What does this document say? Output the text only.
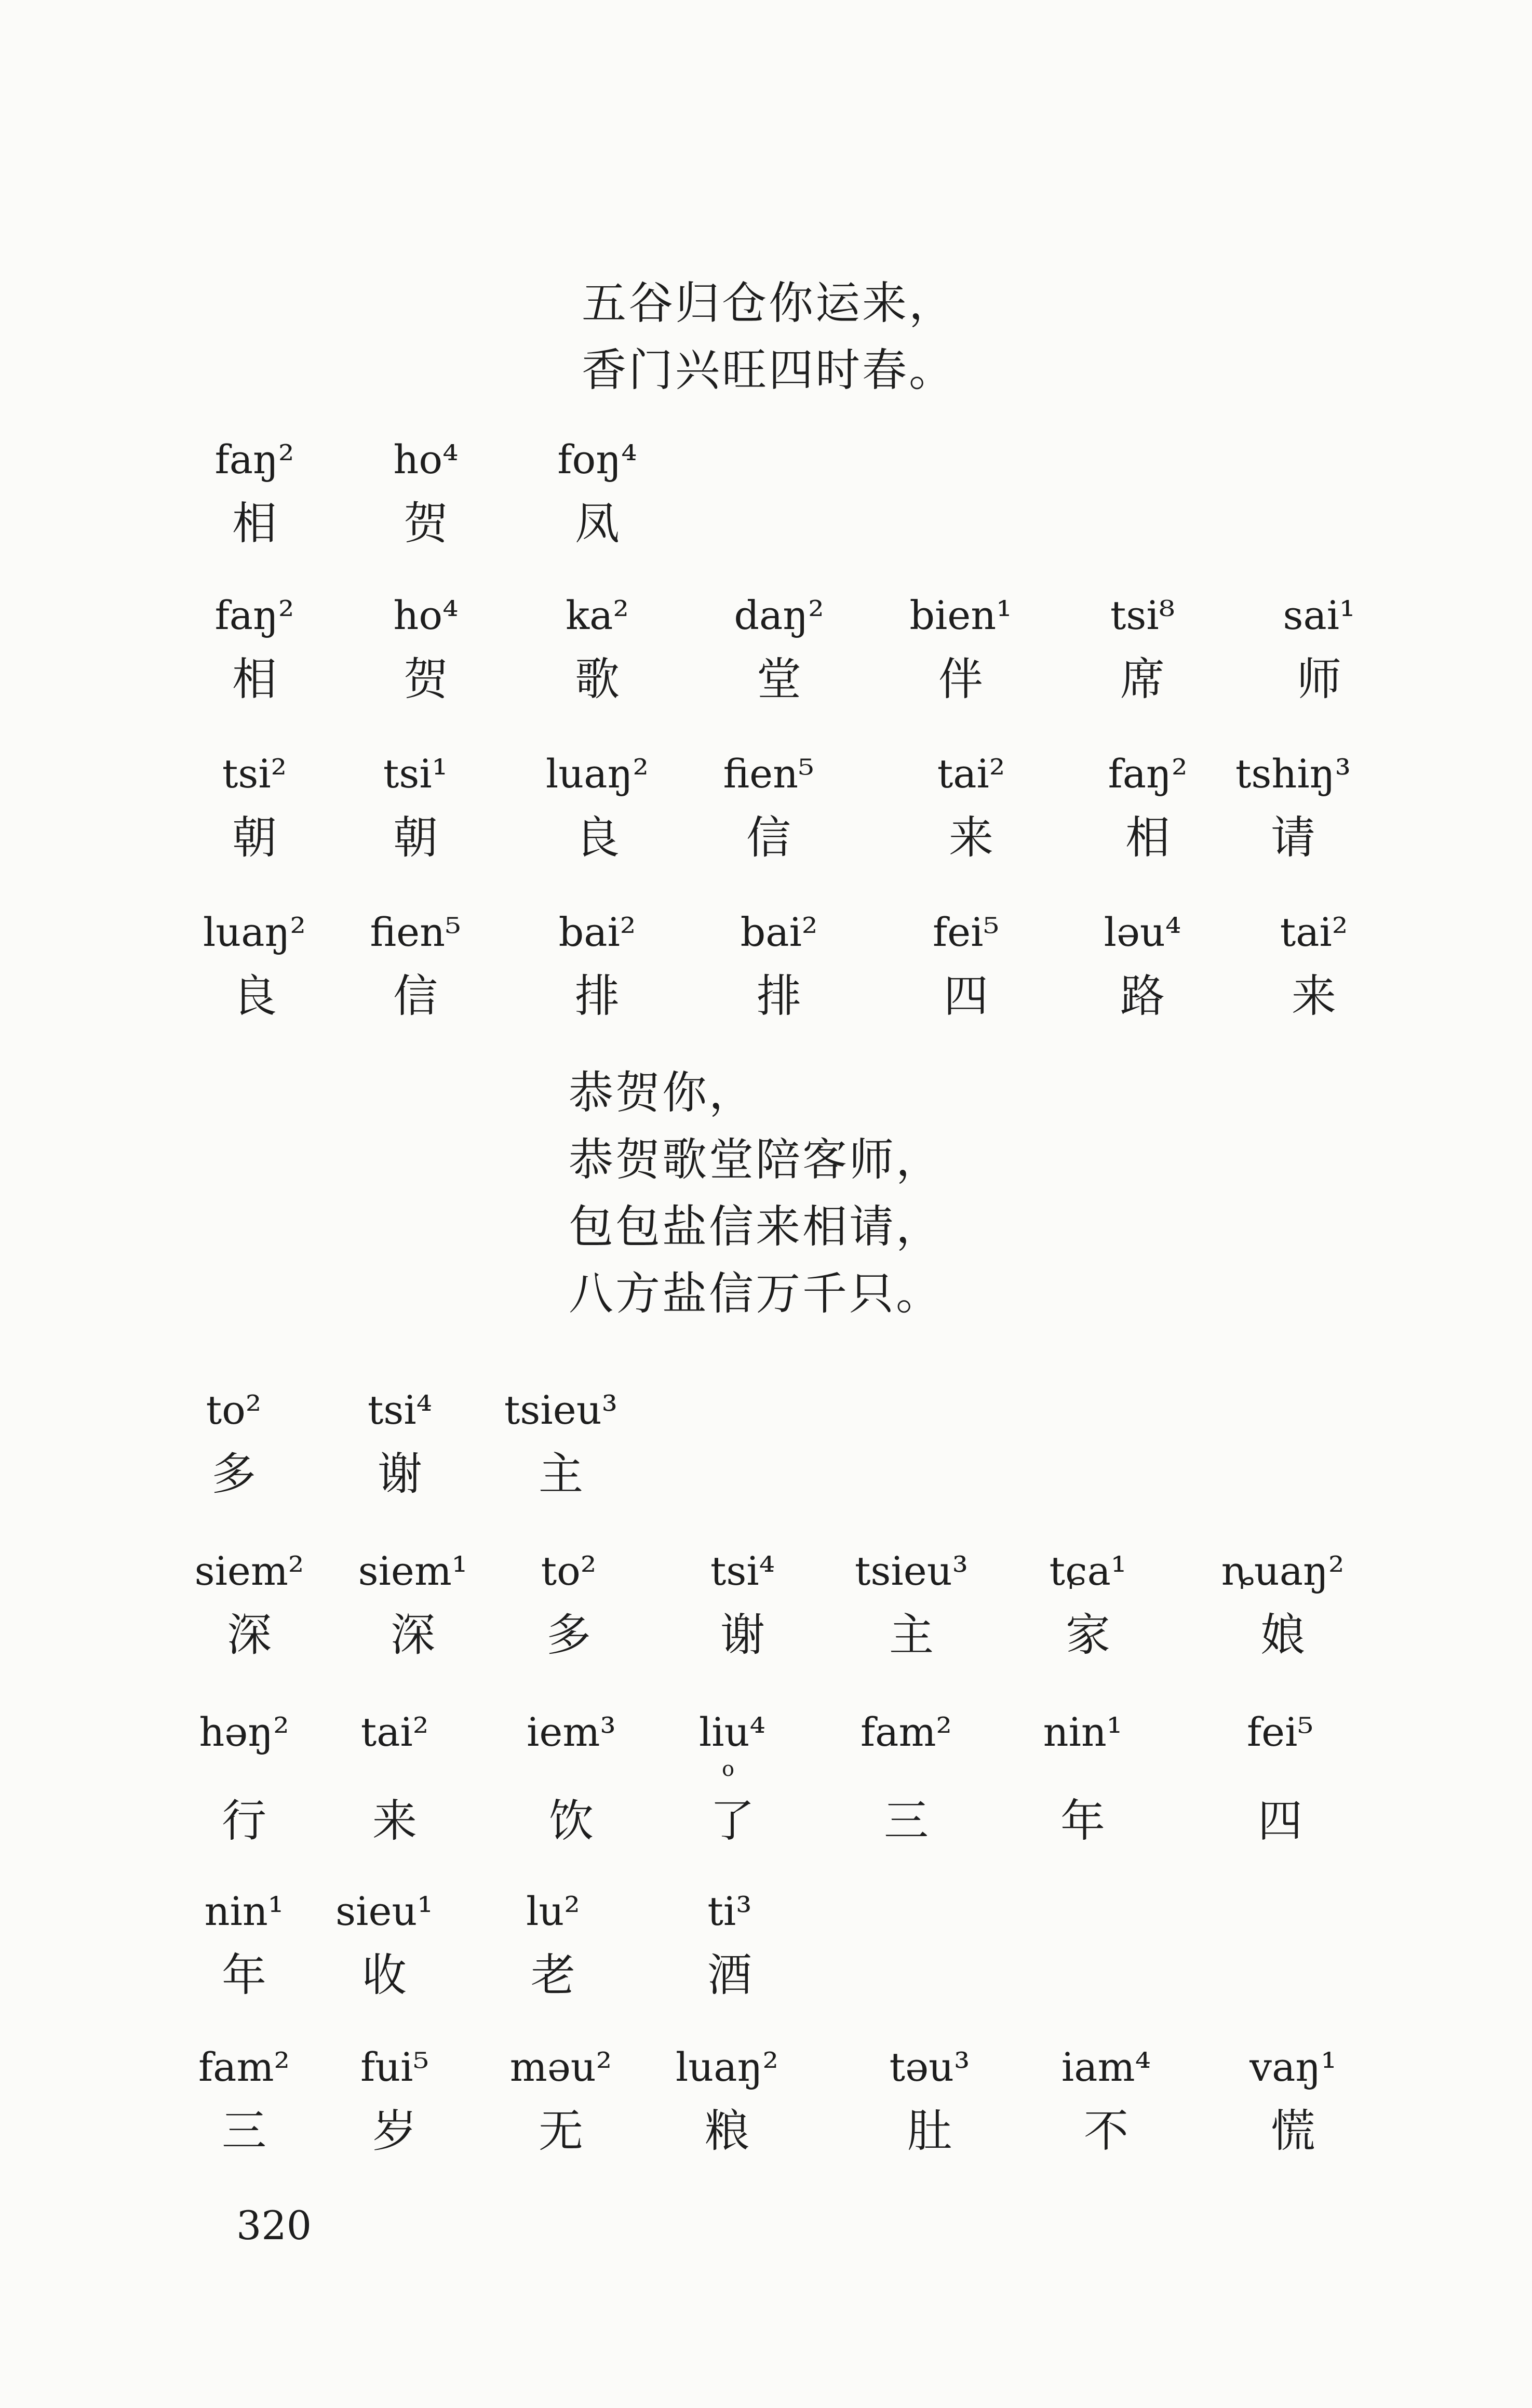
五谷归仓你运来，
香门兴旺四时春。
faŋ²
相
ho⁴
贺
foŋ⁴
凤
faŋ²
相
ho⁴
贺
ka²
歌
daŋ²
堂
bien¹
伴
tsi⁸
席
sai¹
师
tsi²
朝
tsi¹
朝
luaŋ²
良
fien⁵
信
tai²
来
faŋ²
相
tshiŋ³
请
luaŋ²
良
fien⁵
信
bai²
排
bai²
排
fei⁵
四
ləu⁴
路
tai²
来
恭贺你，
恭贺歌堂陪客师，
包包盐信来相请，
八方盐信万千只。
to²
多
tsi⁴
谢
tsieu³
主
siem²
深
siem¹
深
to²
多
tsi⁴
谢
tsieu³
主
tɕa¹
家
ȵuaŋ²
娘
həŋ²
行
tai²
来
iem³
饮
liu⁴
o
了
fam²
三
nin¹
年
fei⁵
四
nin¹
年
sieu¹
收
lu²
老
ti³
酒
fam²
三
fui⁵
岁
məu²
无
luaŋ²
粮
təu³
肚
iam⁴
不
vaŋ¹
慌
320
